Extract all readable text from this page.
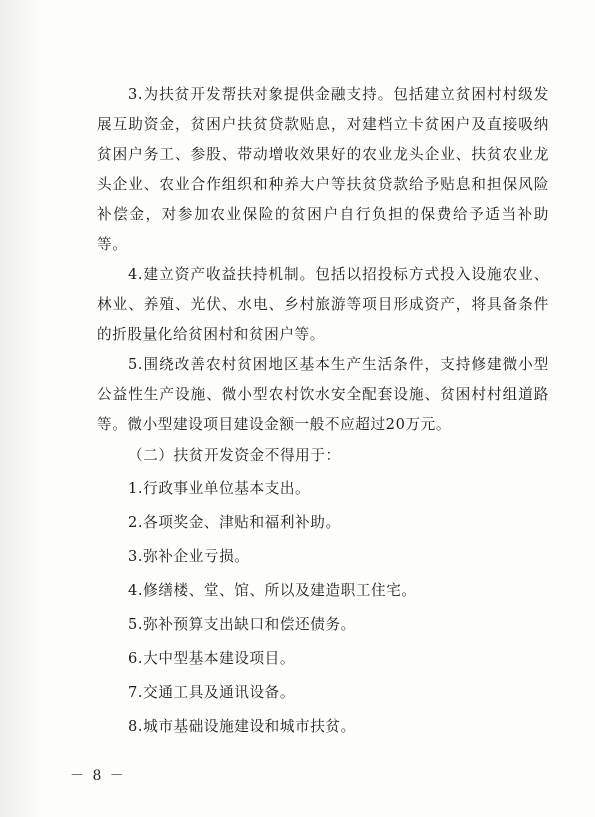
3.为扶贫开发帮扶对象提供金融支持。包括建立贫困村村级发展互助资金，贫困户扶贫贷款贴息，对建档立卡贫困户及直接吸纳贫困户务工、参股、带动增收效果好的农业龙头企业、扶贫农业龙头企业、农业合作组织和种养大户等扶贫贷款给予贴息和担保风险补偿金，对参加农业保险的贫困户自行负担的保费给予适当补助等。

4.建立资产收益扶持机制。包括以招投标方式投入设施农业、林业、养殖、光伏、水电、乡村旅游等项目形成资产，将具备条件的折股量化给贫困村和贫困户等。

5.围绕改善农村贫困地区基本生产生活条件，支持修建微小型公益性生产设施、微小型农村饮水安全配套设施、贫困村村组道路等。微小型建设项目建设金额一般不应超过20万元。

（二）扶贫开发资金不得用于：

1.行政事业单位基本支出。

2.各项奖金、津贴和福利补助。

3.弥补企业亏损。

4.修缮楼、堂、馆、所以及建造职工住宅。

5.弥补预算支出缺口和偿还债务。

6.大中型基本建设项目。

7.交通工具及通讯设备。

8.城市基础设施建设和城市扶贫。

－ 8 －
